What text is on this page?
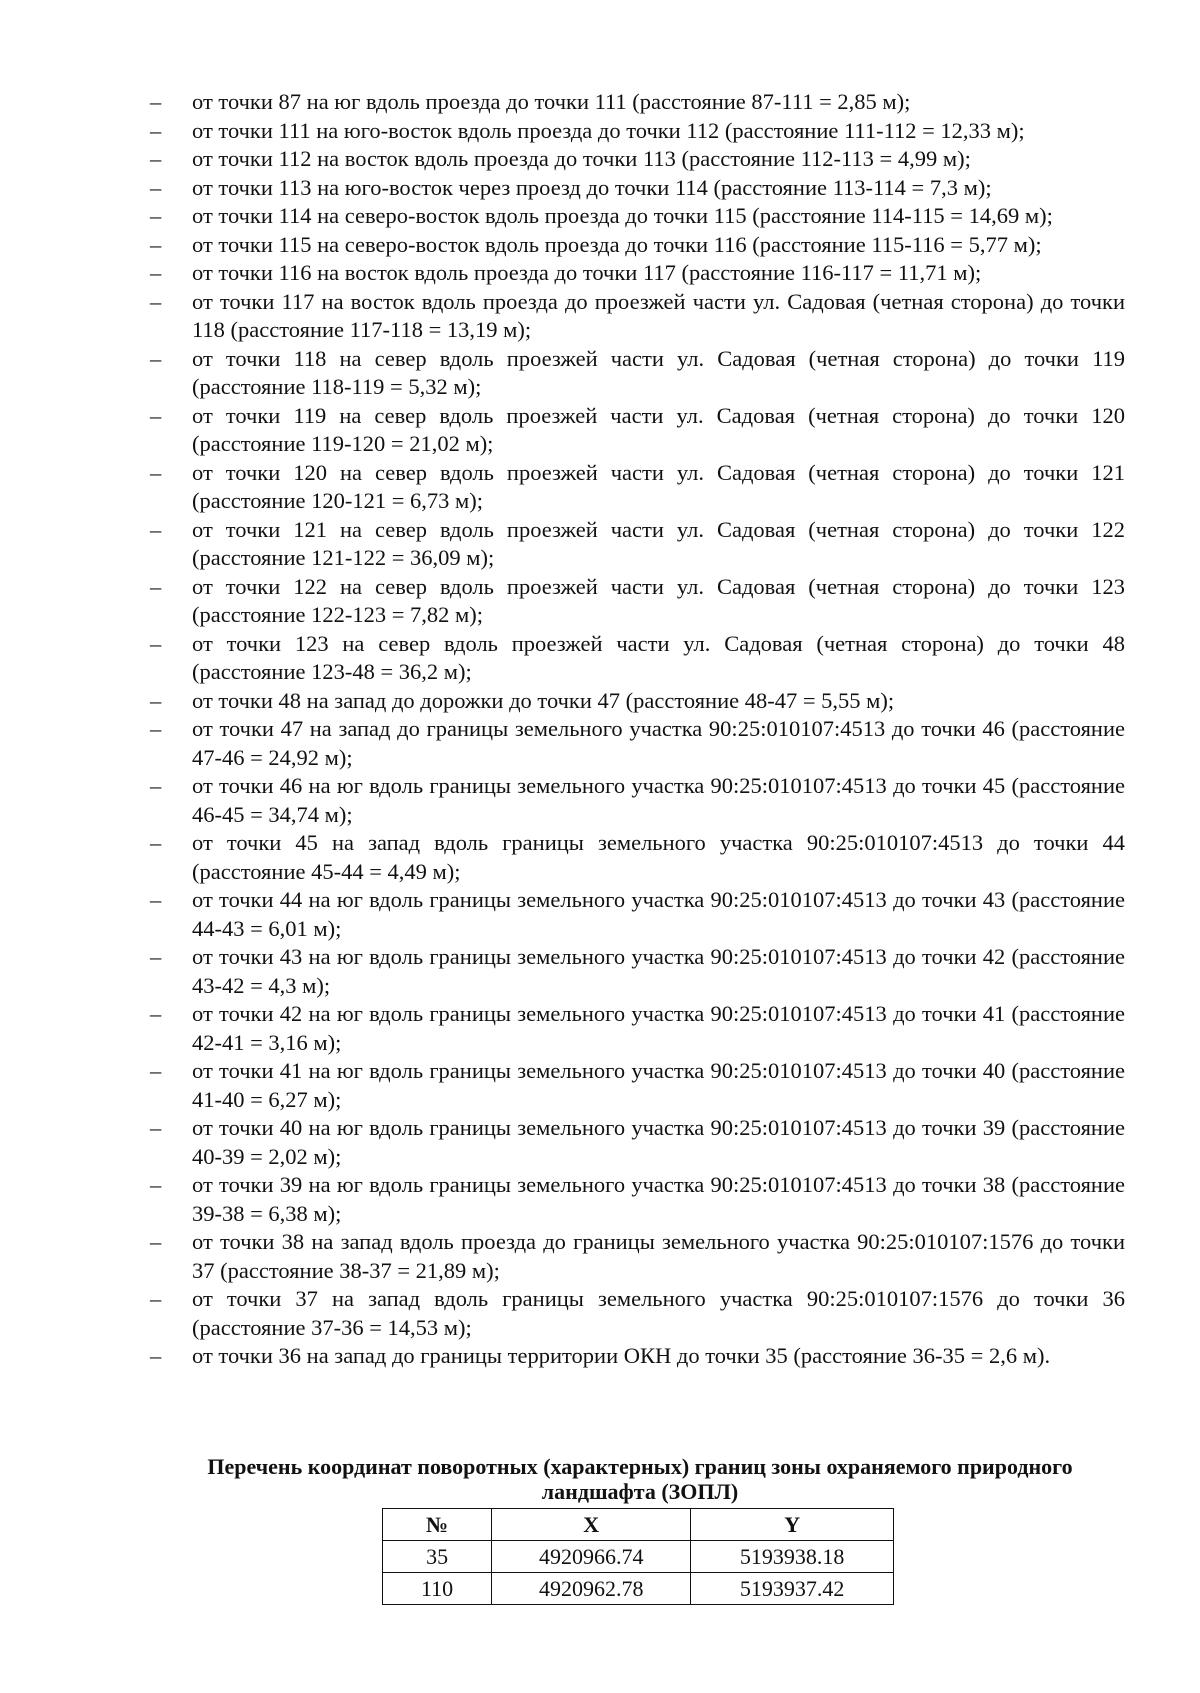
–	от точки 87 на юг вдоль проезда до точки 111 (расстояние 87-111 = 2,85 м);
–	от точки 111 на юго-восток вдоль проезда до точки 112 (расстояние 111-112 = 12,33 м);
–	от точки 112 на восток вдоль проезда до точки 113 (расстояние 112-113 = 4,99 м);
–	от точки 113 на юго-восток через проезд до точки 114 (расстояние 113-114 = 7,3 м);
–	от точки 114 на северо-восток вдоль проезда до точки 115 (расстояние 114-115 = 14,69 м);
–	от точки 115 на северо-восток вдоль проезда до точки 116 (расстояние 115-116 = 5,77 м);
–	от точки 116 на восток вдоль проезда до точки 117 (расстояние 116-117 = 11,71 м);
–	от точки 117 на восток вдоль проезда до проезжей части ул. Садовая (четная сторона) до точки 118 (расстояние 117-118 = 13,19 м);
–	от точки 118 на север вдоль проезжей части ул. Садовая (четная сторона) до точки 119 (расстояние 118-119 = 5,32 м);
–	от точки 119 на север вдоль проезжей части ул. Садовая (четная сторона) до точки 120 (расстояние 119-120 = 21,02 м);
–	от точки 120 на север вдоль проезжей части ул. Садовая (четная сторона) до точки 121 (расстояние 120-121 = 6,73 м);
–	от точки 121 на север вдоль проезжей части ул. Садовая (четная сторона) до точки 122 (расстояние 121-122 = 36,09 м);
–	от точки 122 на север вдоль проезжей части ул. Садовая (четная сторона) до точки 123 (расстояние 122-123 = 7,82 м);
–	от точки 123 на север вдоль проезжей части ул. Садовая (четная сторона) до точки 48 (расстояние 123-48 = 36,2 м);
–	от точки 48 на запад до дорожки до точки 47 (расстояние 48-47 = 5,55 м);
–	от точки 47 на запад до границы земельного участка 90:25:010107:4513 до точки 46 (расстояние 47-46 = 24,92 м);
–	от точки 46 на юг вдоль границы земельного участка 90:25:010107:4513 до точки 45 (расстояние 46-45 = 34,74 м);
–	от точки 45 на запад вдоль границы земельного участка 90:25:010107:4513 до точки 44 (расстояние 45-44 = 4,49 м);
–	от точки 44 на юг вдоль границы земельного участка 90:25:010107:4513 до точки 43 (расстояние 44-43 = 6,01 м);
–	от точки 43 на юг вдоль границы земельного участка 90:25:010107:4513 до точки 42 (расстояние 43-42 = 4,3 м);
–	от точки 42 на юг вдоль границы земельного участка 90:25:010107:4513 до точки 41 (расстояние 42-41 = 3,16 м);
–	от точки 41 на юг вдоль границы земельного участка 90:25:010107:4513 до точки 40 (расстояние 41-40 = 6,27 м);
–	от точки 40 на юг вдоль границы земельного участка 90:25:010107:4513 до точки 39 (расстояние 40-39 = 2,02 м);
–	от точки 39 на юг вдоль границы земельного участка 90:25:010107:4513 до точки 38 (расстояние 39-38 = 6,38 м);
–	от точки 38 на запад вдоль проезда до границы земельного участка 90:25:010107:1576 до точки 37 (расстояние 38-37 = 21,89 м);
–	от точки 37 на запад вдоль границы земельного участка 90:25:010107:1576 до точки 36 (расстояние 37-36 = 14,53 м);
–	от точки 36 на запад до границы территории ОКН до точки 35 (расстояние 36-35 = 2,6 м).

Перечень координат поворотных (характерных) границ зоны охраняемого природного ландшафта (ЗОПЛ)

№	X	Y
35	4920966.74	5193938.18
110	4920962.78	5193937.42
